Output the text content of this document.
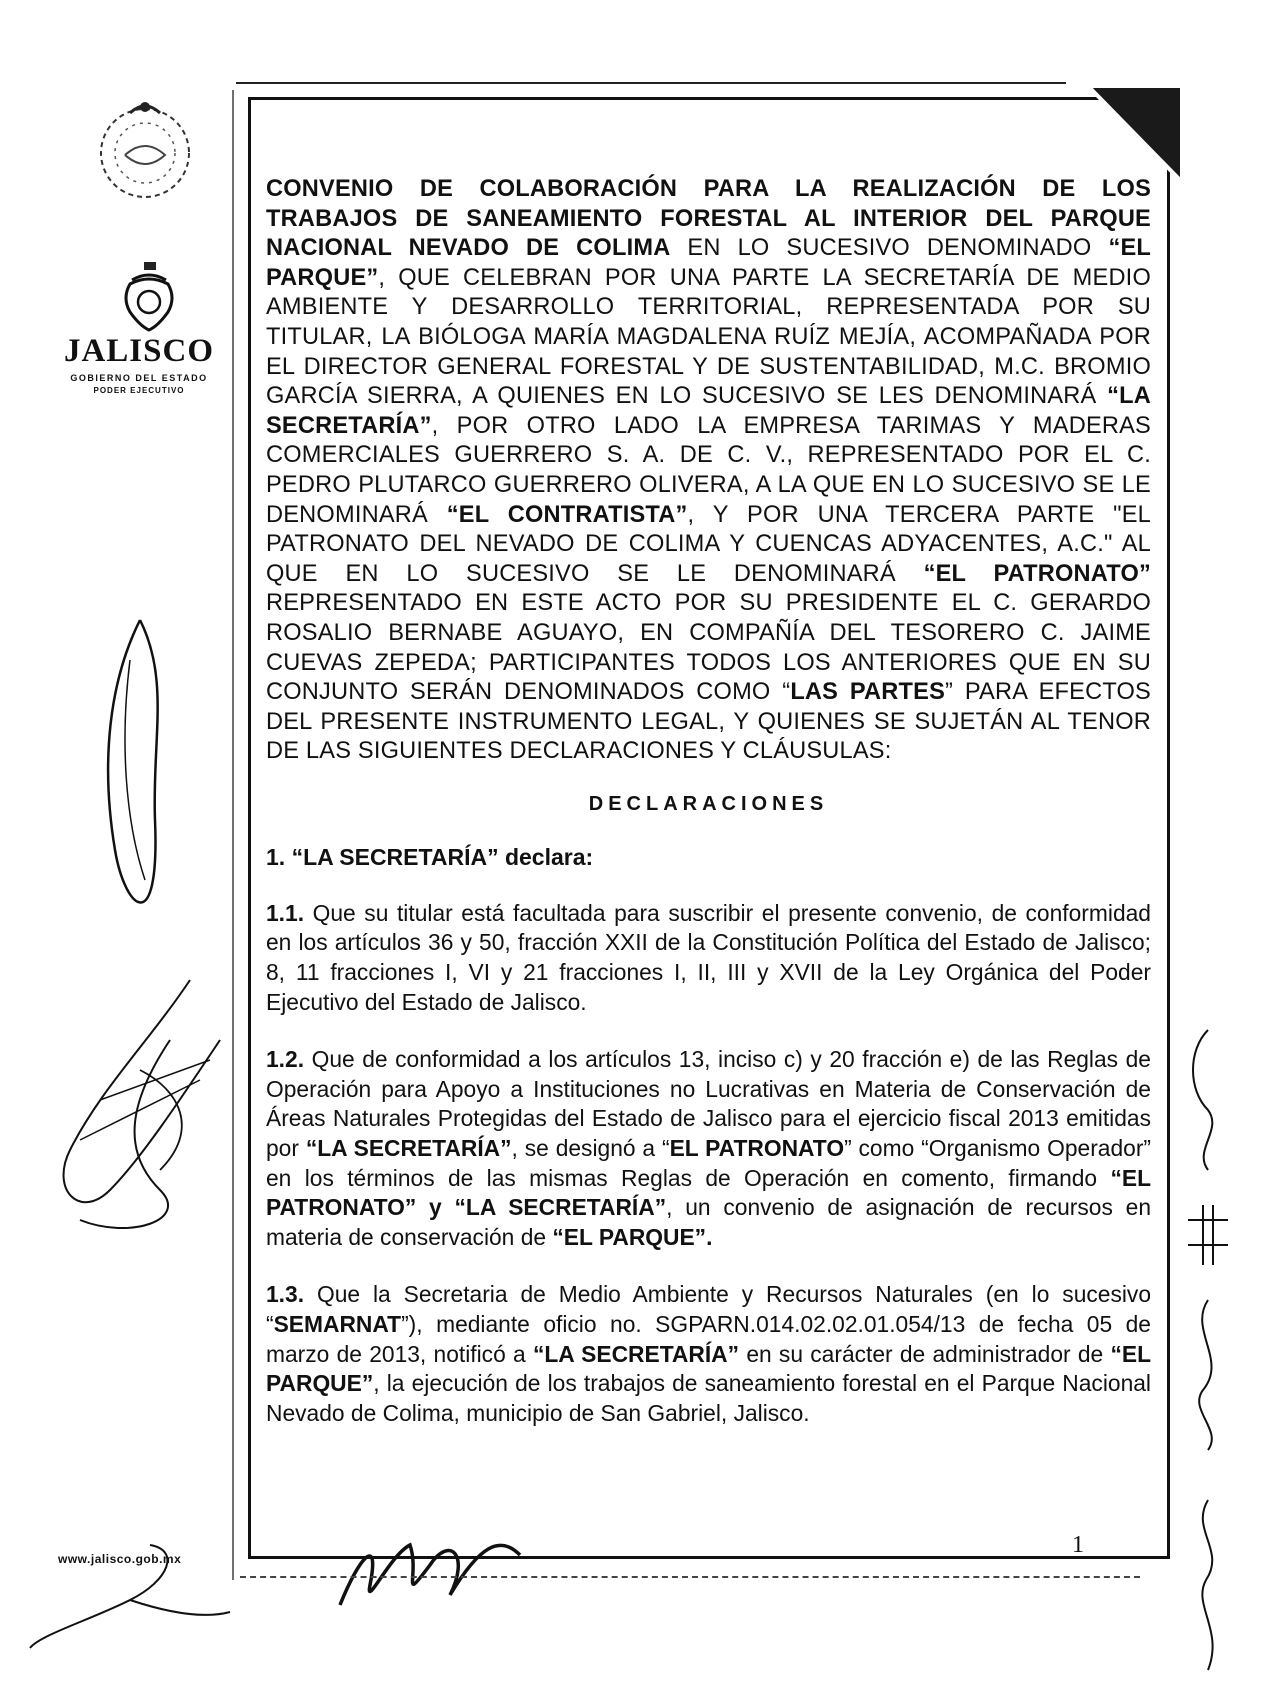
JALISCO
GOBIERNO DEL ESTADO
PODER EJECUTIVO
www.jalisco.gob.mx

CONVENIO DE COLABORACIÓN PARA LA REALIZACIÓN DE LOS TRABAJOS DE SANEAMIENTO FORESTAL AL INTERIOR DEL PARQUE NACIONAL NEVADO DE COLIMA EN LO SUCESIVO DENOMINADO “EL PARQUE”, QUE CELEBRAN POR UNA PARTE LA SECRETARÍA DE MEDIO AMBIENTE Y DESARROLLO TERRITORIAL, REPRESENTADA POR SU TITULAR, LA BIÓLOGA MARÍA MAGDALENA RUÍZ MEJÍA, ACOMPAÑADA POR EL DIRECTOR GENERAL FORESTAL Y DE SUSTENTABILIDAD, M.C. BROMIO GARCÍA SIERRA, A QUIENES EN LO SUCESIVO SE LES DENOMINARÁ “LA SECRETARÍA”, POR OTRO LADO LA EMPRESA TARIMAS Y MADERAS COMERCIALES GUERRERO S. A. DE C. V., REPRESENTADO POR EL C. PEDRO PLUTARCO GUERRERO OLIVERA, A LA QUE EN LO SUCESIVO SE LE DENOMINARÁ “EL CONTRATISTA”, Y POR UNA TERCERA PARTE "EL PATRONATO DEL NEVADO DE COLIMA Y CUENCAS ADYACENTES, A.C." AL QUE EN LO SUCESIVO SE LE DENOMINARÁ “EL PATRONATO” REPRESENTADO EN ESTE ACTO POR SU PRESIDENTE EL C. GERARDO ROSALIO BERNABE AGUAYO, EN COMPAÑÍA DEL TESORERO C. JAIME CUEVAS ZEPEDA; PARTICIPANTES TODOS LOS ANTERIORES QUE EN SU CONJUNTO SERÁN DENOMINADOS COMO “LAS PARTES” PARA EFECTOS DEL PRESENTE INSTRUMENTO LEGAL, Y QUIENES SE SUJETÁN AL TENOR DE LAS SIGUIENTES DECLARACIONES Y CLÁUSULAS:

DECLARACIONES
1. “LA SECRETARÍA” declara:

1.1. Que su titular está facultada para suscribir el presente convenio, de conformidad en los artículos 36 y 50, fracción XXII de la Constitución Política del Estado de Jalisco; 8, 11 fracciones I, VI y 21 fracciones I, II, III y XVII de la Ley Orgánica del Poder Ejecutivo del Estado de Jalisco.

1.2. Que de conformidad a los artículos 13, inciso c) y 20 fracción e) de las Reglas de Operación para Apoyo a Instituciones no Lucrativas en Materia de Conservación de Áreas Naturales Protegidas del Estado de Jalisco para el ejercicio fiscal 2013 emitidas por “LA SECRETARÍA”, se designó a “EL PATRONATO” como “Organismo Operador” en los términos de las mismas Reglas de Operación en comento, firmando “EL PATRONATO” y “LA SECRETARÍA”, un convenio de asignación de recursos en materia de conservación de “EL PARQUE”.

1.3. Que la Secretaria de Medio Ambiente y Recursos Naturales (en lo sucesivo “SEMARNAT”), mediante oficio no. SGPARN.014.02.02.01.054/13 de fecha 05 de marzo de 2013, notificó a “LA SECRETARÍA” en su carácter de administrador de “EL PARQUE”, la ejecución de los trabajos de saneamiento forestal en el Parque Nacional Nevado de Colima, municipio de San Gabriel, Jalisco.

1
